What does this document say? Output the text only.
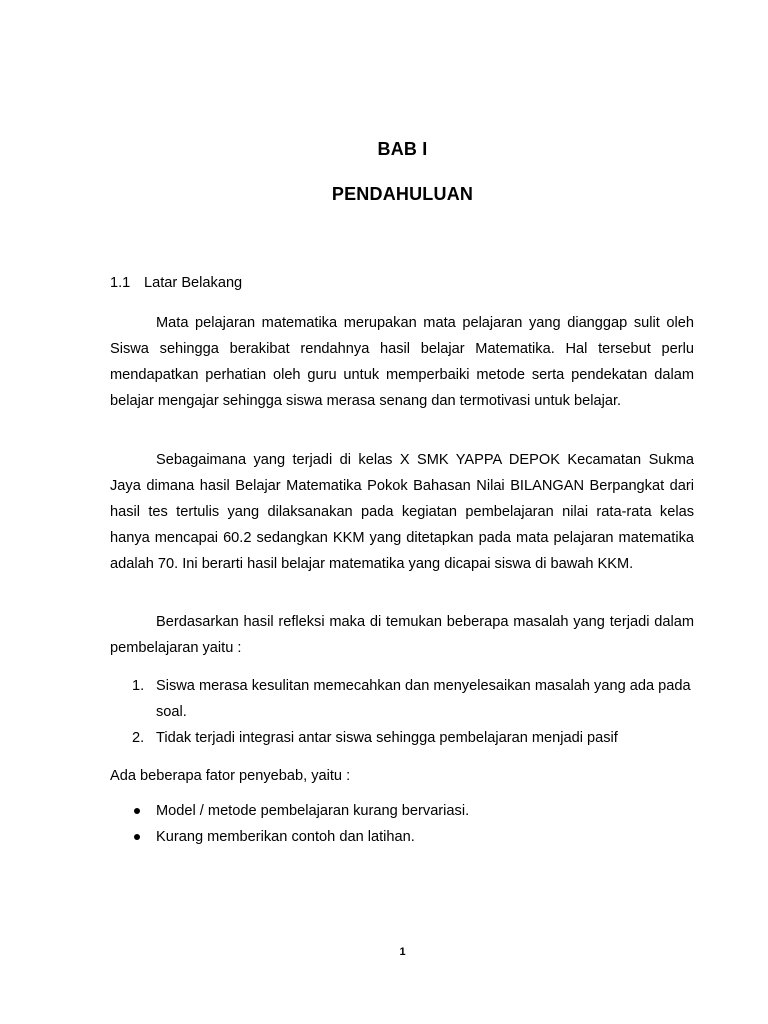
BAB I
PENDAHULUAN
1.1 Latar Belakang

Mata pelajaran matematika merupakan mata pelajaran yang dianggap sulit oleh Siswa sehingga berakibat rendahnya hasil belajar Matematika. Hal tersebut perlu mendapatkan perhatian oleh guru untuk memperbaiki metode serta pendekatan dalam belajar mengajar sehingga siswa merasa senang dan termotivasi untuk belajar.

Sebagaimana yang terjadi di kelas X SMK YAPPA DEPOK Kecamatan Sukma Jaya dimana hasil Belajar Matematika Pokok Bahasan Nilai BILANGAN Berpangkat dari hasil tes tertulis yang dilaksanakan pada kegiatan pembelajaran nilai rata-rata kelas hanya mencapai 60.2 sedangkan KKM yang ditetapkan pada mata pelajaran matematika adalah 70. Ini berarti hasil belajar matematika yang dicapai siswa di bawah KKM.

Berdasarkan hasil refleksi maka di temukan beberapa masalah yang terjadi dalam pembelajaran yaitu :

1. Siswa merasa kesulitan memecahkan dan menyelesaikan masalah yang ada pada soal.
2. Tidak terjadi integrasi antar siswa sehingga pembelajaran menjadi pasif

Ada beberapa fator penyebab, yaitu :

Model / metode pembelajaran kurang bervariasi.
Kurang memberikan contoh dan latihan.
1
